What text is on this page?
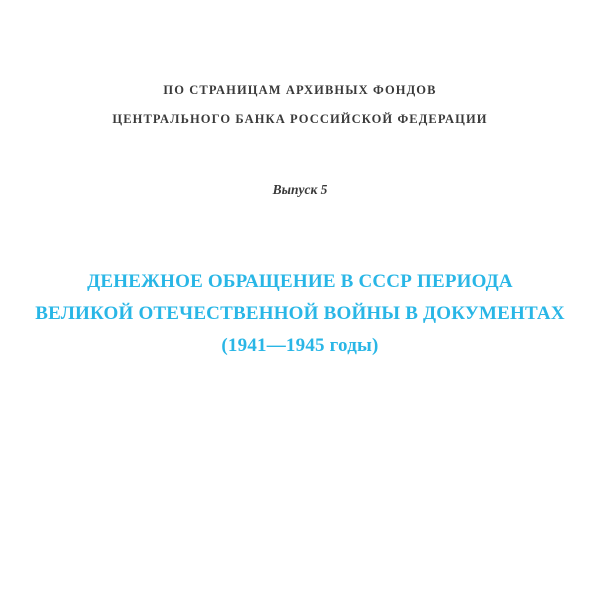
ПО СТРАНИЦАМ АРХИВНЫХ ФОНДОВ
ЦЕНТРАЛЬНОГО БАНКА РОССИЙСКОЙ ФЕДЕРАЦИИ
Выпуск 5
ДЕНЕЖНОЕ ОБРАЩЕНИЕ В СССР ПЕРИОДА
ВЕЛИКОЙ ОТЕЧЕСТВЕННОЙ ВОЙНЫ В ДОКУМЕНТАХ
(1941—1945 годы)
